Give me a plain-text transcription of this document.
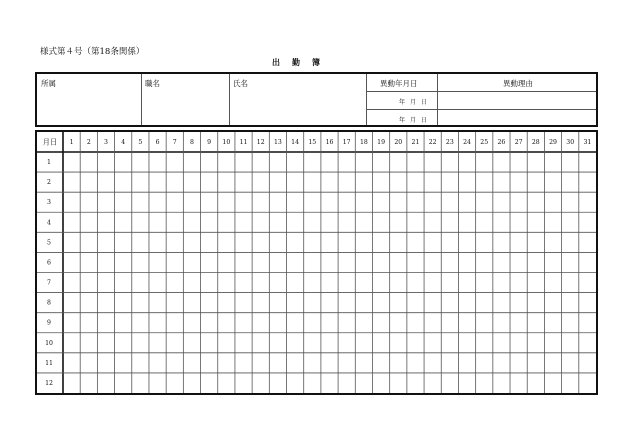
様式第４号（第18条関係）
出　勤　簿
所属	職名	氏名	異動年月日	異動理由
年月日
年月日
月日 1 2 3 4 5 6 7 8 9 10 11 12 13 14 15 16 17 18 19 20 21 22 23 24 25 26 27 28 29 30 31
1
2
3
4
5
6
7
8
9
10
11
12
